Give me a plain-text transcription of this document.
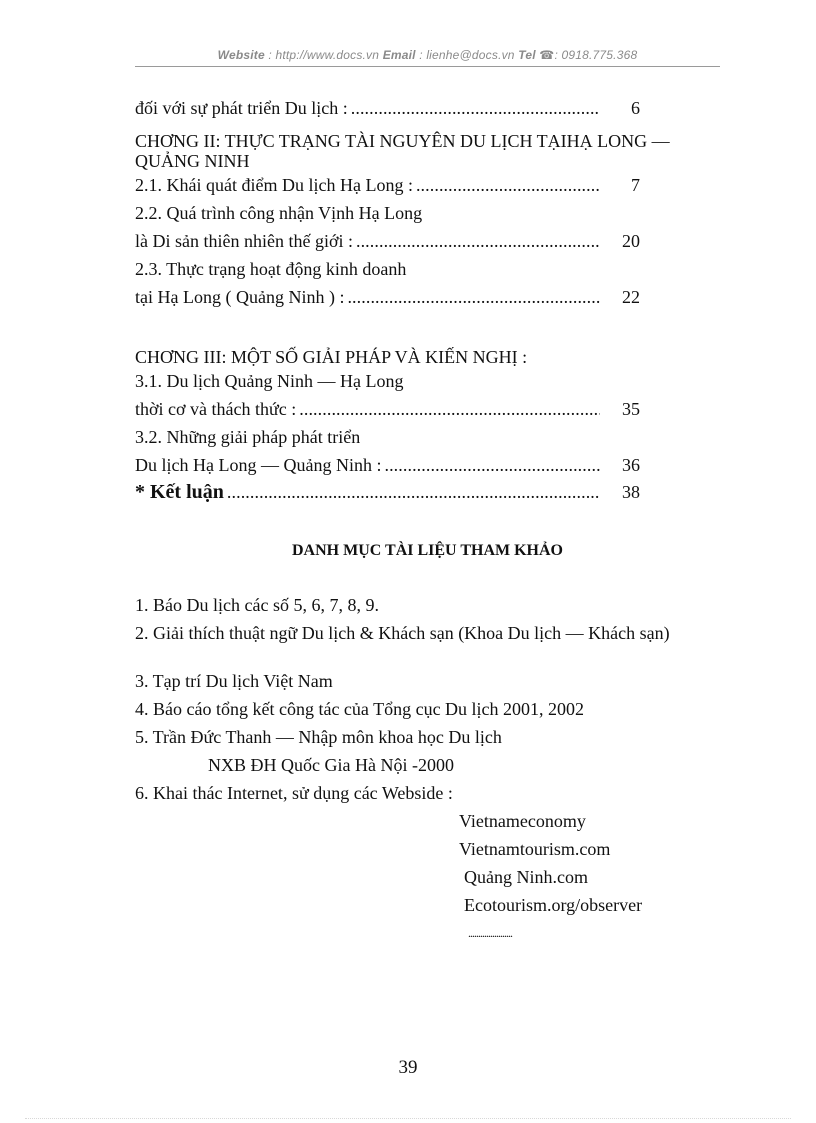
Website : http://www.docs.vn Email : lienhe@docs.vn Tel ☎: 0918.775.368
đối với sự phát triển Du lịch : . . .	6
CHƠNG II: THỰC TRẠNG TÀI NGUYÊN DU LỊCH TẠIHẠ LONG — QUẢNG NINH
2.1. Khái quát điểm Du lịch Hạ Long : . . .	7
2.2. Quá trình công nhận Vịnh Hạ Long
là Di sản thiên nhiên thế giới : . . .	20
2.3. Thực trạng hoạt động kinh doanh
tại Hạ Long ( Quảng Ninh ) : . . .	22
CHƠNG III: MỘT SỐ GIẢI PHÁP VÀ KIẾN NGHỊ :
3.1. Du lịch Quảng Ninh — Hạ Long
thời cơ và thách thức : . . .	35
3.2. Những giải pháp phát triển
Du lịch Hạ Long — Quảng Ninh : . . .	36
* Kết luận . . .	38
DANH MỤC TÀI LIỆU THAM KHẢO
1. Báo Du lịch các số 5, 6, 7, 8, 9.
2. Giải thích thuật ngữ Du lịch & Khách sạn (Khoa Du lịch — Khách sạn)
3. Tạp trí Du lịch Việt Nam
4. Báo cáo tổng kết công tác của Tổng cục Du lịch 2001, 2002
5. Trần Đức Thanh — Nhập môn khoa học Du lịch
NXB ĐH Quốc Gia Hà Nội -2000
6. Khai thác Internet, sử dụng các Webside :
Vietnameconomy
Vietnamtourism.com
Quảng Ninh.com
Ecotourism.org/observer
......................
39
